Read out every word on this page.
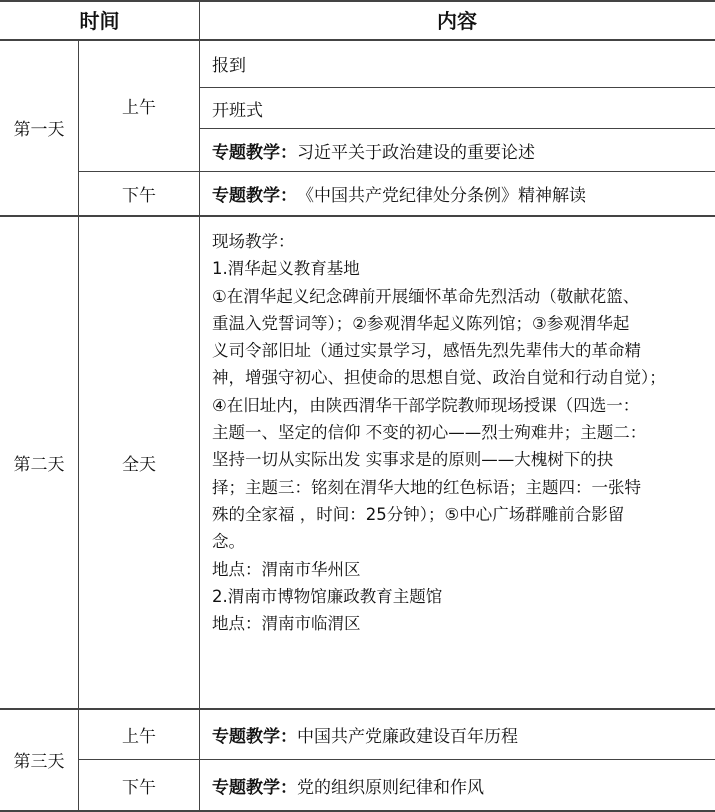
时间	内容
第一天
上午
下午
报到
开班式
专题教学： 习近平关于政治建设的重要论述
专题教学： 《中国共产党纪律处分条例》精神解读
第二天	全天
现场教学：
1.渭华起义教育基地
①在渭华起义纪念碑前开展缅怀革命先烈活动（敬献花篮、
重温入党誓词等）；②参观渭华起义陈列馆；③参观渭华起
义司令部旧址（通过实景学习，感悟先烈先辈伟大的革命精
神，增强守初心、担使命的思想自觉、政治自觉和行动自觉）；
④在旧址内，由陕西渭华干部学院教师现场授课（四选一：
主题一、坚定的信仰 不变的初心——烈士殉难井；主题二：
坚持一切从实际出发 实事求是的原则——大槐树下的抉
择；主题三：铭刻在渭华大地的红色标语；主题四：一张特
殊的全家福 ，时间：25分钟）；⑤中心广场群雕前合影留
念。
地点：渭南市华州区
2.渭南市博物馆廉政教育主题馆
地点：渭南市临渭区
第三天
上午
下午
专题教学： 中国共产党廉政建设百年历程
专题教学： 党的组织原则纪律和作风
